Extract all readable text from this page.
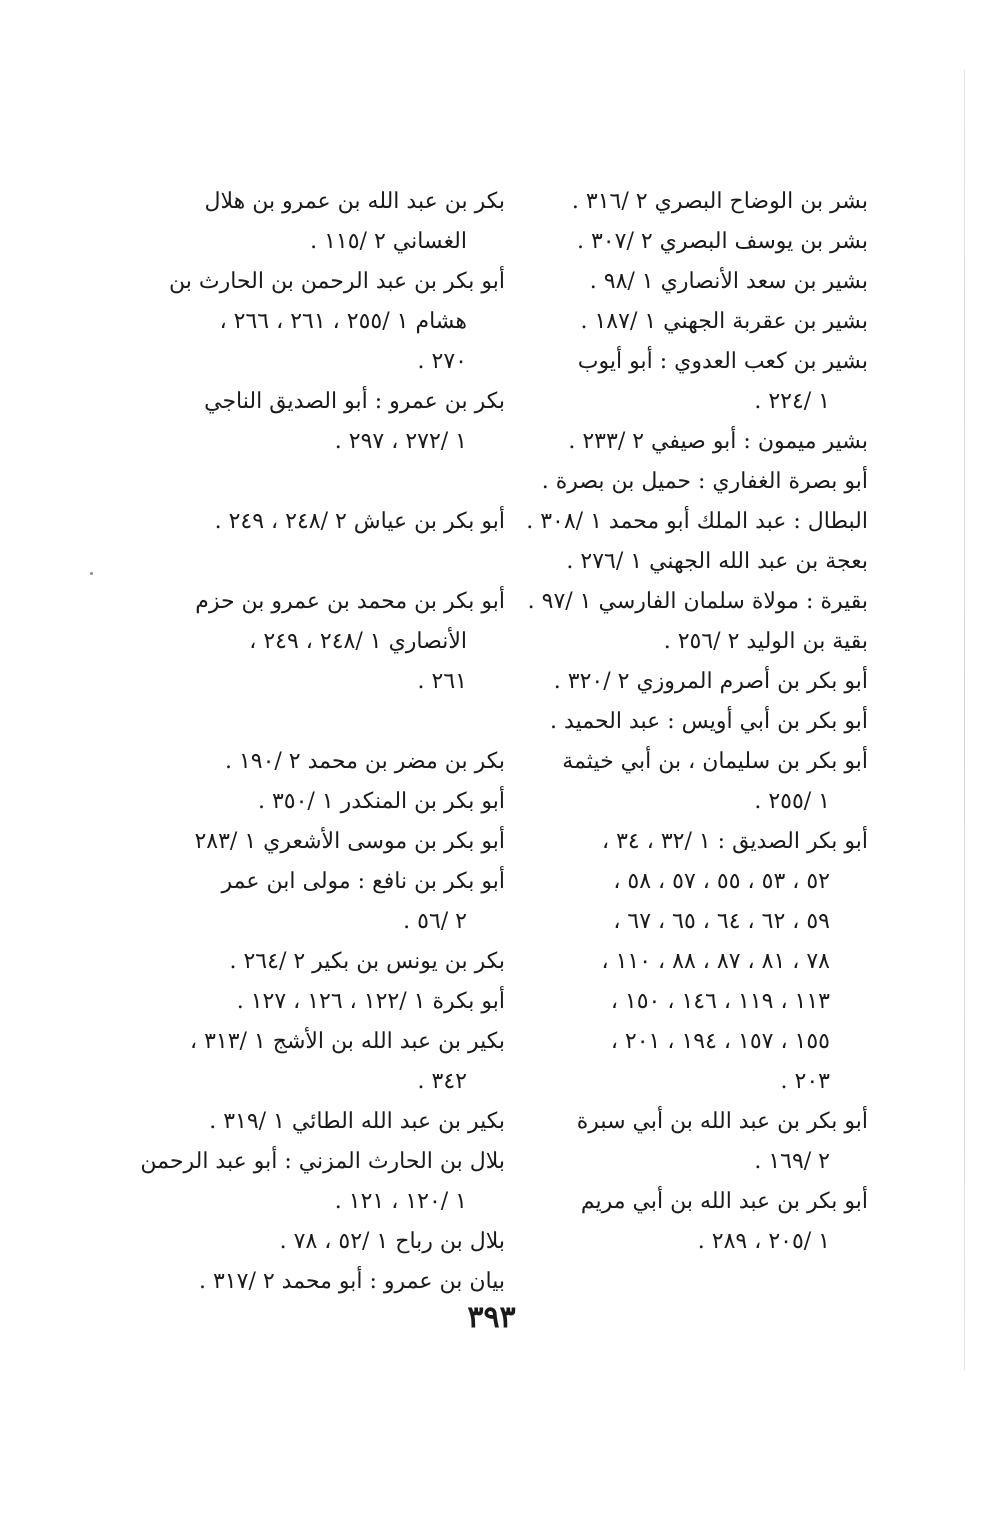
بشر بن الوضاح البصري ٢ /٣١٦ .
بشر بن يوسف البصري ٢ /٣٠٧ .
بشير بن سعد الأنصاري ١ /٩٨ .
بشير بن عقربة الجهني ١ /١٨٧ .
بشير بن كعب العدوي : أبو أيوب
١ /٢٢٤ .
بشير ميمون : أبو صيفي ٢ /٢٣٣ .
أبو بصرة الغفاري : حميل بن بصرة .
البطال : عبد الملك أبو محمد ١ /٣٠٨ .
بعجة بن عبد الله الجهني ١ /٢٧٦ .
بقيرة : مولاة سلمان الفارسي ١ /٩٧ .
بقية بن الوليد ٢ /٢٥٦ .
أبو بكر بن أصرم المروزي ٢ /٣٢٠ .
أبو بكر بن أبي أويس : عبد الحميد .
أبو بكر بن سليمان ، بن أبي خيثمة
١ /٢٥٥ .
أبو بكر الصديق : ١ /٣٢ ، ٣٤ ،
٥٢ ، ٥٣ ، ٥٥ ، ٥٧ ، ٥٨ ،
٥٩ ، ٦٢ ، ٦٤ ، ٦٥ ، ٦٧ ،
٧٨ ، ٨١ ، ٨٧ ، ٨٨ ، ١١٠ ،
١١٣ ، ١١٩ ، ١٤٦ ، ١٥٠ ،
١٥٥ ، ١٥٧ ، ١٩٤ ، ٢٠١ ،
٢٠٣ .
أبو بكر بن عبد الله بن أبي سبرة
٢ /١٦٩ .
أبو بكر بن عبد الله بن أبي مريم
١ /٢٠٥ ، ٢٨٩ .
بكر بن عبد الله بن عمرو بن هلال
الغساني ٢ /١١٥ .
أبو بكر بن عبد الرحمن بن الحارث بن
هشام ١ /٢٥٥ ، ٢٦١ ، ٢٦٦ ،
٢٧٠ .
بكر بن عمرو : أبو الصديق الناجي
١ /٢٧٢ ، ٢٩٧ .
أبو بكر بن عياش ٢ /٢٤٨ ، ٢٤٩ .
أبو بكر بن محمد بن عمرو بن حزم
الأنصاري ١ /٢٤٨ ، ٢٤٩ ،
٢٦١ .
بكر بن مضر بن محمد ٢ /١٩٠ .
أبو بكر بن المنكدر ١ /٣٥٠ .
أبو بكر بن موسى الأشعري ١ /٢٨٣
أبو بكر بن نافع : مولى ابن عمر
٢ /٥٦ .
بكر بن يونس بن بكير ٢ /٢٦٤ .
أبو بكرة ١ /١٢٢ ، ١٢٦ ، ١٢٧ .
بكير بن عبد الله بن الأشج ١ /٣١٣ ،
٣٤٢ .
بكير بن عبد الله الطائي ١ /٣١٩ .
بلال بن الحارث المزني : أبو عبد الرحمن
١ /١٢٠ ، ١٢١ .
بلال بن رباح ١ /٥٢ ، ٧٨ .
بيان بن عمرو : أبو محمد ٢ /٣١٧ .
٣٩٣
